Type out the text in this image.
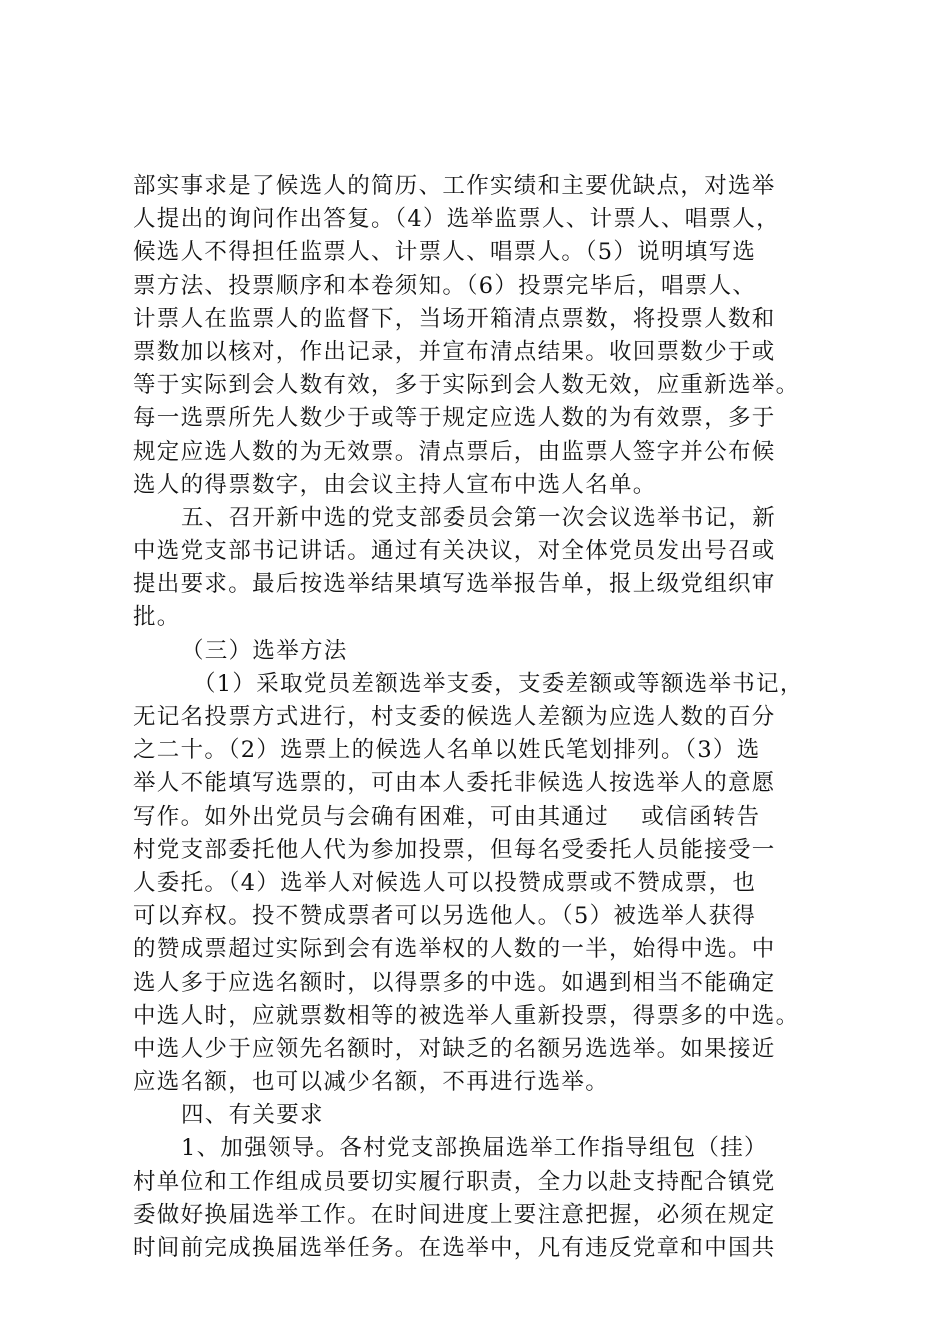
部实事求是了候选人的简历、工作实绩和主要优缺点，对选举
人提出的询问作出答复。（4）选举监票人、计票人、唱票人，
候选人不得担任监票人、计票人、唱票人。（5）说明填写选
票方法、投票顺序和本卷须知。（6）投票完毕后，唱票人、
计票人在监票人的监督下，当场开箱清点票数，将投票人数和
票数加以核对，作出记录，并宣布清点结果。收回票数少于或
等于实际到会人数有效，多于实际到会人数无效，应重新选举。
每一选票所先人数少于或等于规定应选人数的为有效票，多于
规定应选人数的为无效票。清点票后，由监票人签字并公布候
选人的得票数字，由会议主持人宣布中选人名单。
五、召开新中选的党支部委员会第一次会议选举书记，新
中选党支部书记讲话。通过有关决议，对全体党员发出号召或
提出要求。最后按选举结果填写选举报告单，报上级党组织审
批。
（三）选举方法
（1）采取党员差额选举支委，支委差额或等额选举书记，
无记名投票方式进行，村支委的候选人差额为应选人数的百分
之二十。（2）选票上的候选人名单以姓氏笔划排列。（3）选
举人不能填写选票的，可由本人委托非候选人按选举人的意愿
写作。如外出党员与会确有困难，可由其通过　 或信函转告
村党支部委托他人代为参加投票，但每名受委托人员能接受一
人委托。（4）选举人对候选人可以投赞成票或不赞成票，也
可以弃权。投不赞成票者可以另选他人。（5）被选举人获得
的赞成票超过实际到会有选举权的人数的一半，始得中选。中
选人多于应选名额时，以得票多的中选。如遇到相当不能确定
中选人时，应就票数相等的被选举人重新投票，得票多的中选。
中选人少于应领先名额时，对缺乏的名额另选选举。如果接近
应选名额，也可以减少名额，不再进行选举。
四、有关要求
1、加强领导。各村党支部换届选举工作指导组包（挂）
村单位和工作组成员要切实履行职责，全力以赴支持配合镇党
委做好换届选举工作。在时间进度上要注意把握，必须在规定
时间前完成换届选举任务。在选举中，凡有违反党章和中国共
